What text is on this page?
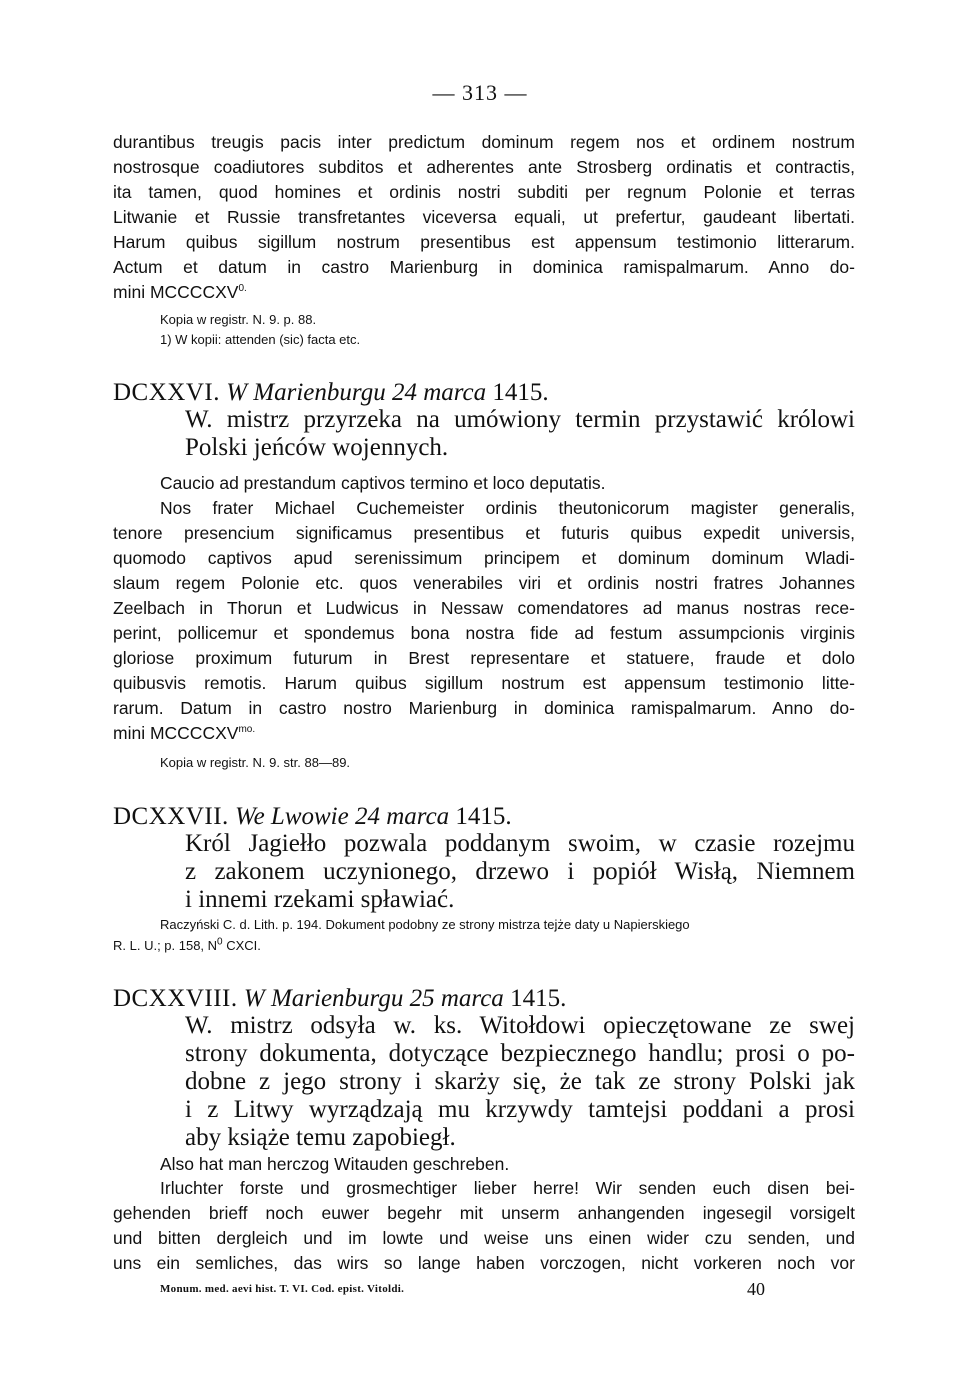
— 313 —
durantibus treugis pacis inter predictum dominum regem nos et ordinem nostrum
nostrosque coadiutores subditos et adherentes ante Strosberg ordinatis et contractis,
ita tamen, quod homines et ordinis nostri subditi per regnum Polonie et terras
Litwanie et Russie transfretantes viceversa equali, ut prefertur, gaudeant libertati.
Harum quibus sigillum nostrum presentibus est appensum testimonio litterarum.
Actum et datum in castro Marienburg in dominica ramispalmarum. Anno do-
mini $MCCCCXV^{0.}$
Kopia w registr. N. 9. p. 88.
1) W kopii: attenden (sic) facta etc.
DCXXVI. W Marienburgu 24 marca 1415.
W. mistrz przyrzeka na umówiony termin przystawić królowi
Polski jeńców wojennych.
Caucio ad prestandum captivos termino et loco deputatis.
Nos frater Michael Cuchemeister ordinis theutonicorum magister generalis,
tenore presencium significamus presentibus et futuris quibus expedit universis,
quomodo captivos apud serenissimum principem et dominum dominum Wladi-
slaum regem Polonie etc. quos venerabiles viri et ordinis nostri fratres Johannes
Zeelbach in Thorun et Ludwicus in Nessaw comendatores ad manus nostras rece-
perint, pollicemur et spondemus bona nostra fide ad festum assumpcionis virginis
gloriose proximum futurum in Brest representare et statuere, fraude et dolo
quibusvis remotis. Harum quibus sigillum nostrum est appensum testimonio litte-
rarum. Datum in castro nostro Marienburg in dominica ramispalmarum. Anno do-
mini $MCCCCXV^{mo.}$
Kopia w registr. N. 9. str. 88—89.
DCXXVII. We Lwowie 24 marca 1415.
Król Jagiełło pozwala poddanym swoim, w czasie rozejmu
z zakonem uczynionego, drzewo i popiół Wisłą, Niemnem
i innemi rzekami spławiać.
Raczyński C. d. Lith. p. 194. Dokument podobny ze strony mistrza tejże daty u Napierskiego
R. L. U.; p. 158, $N^0$ CXCI.
DCXXVIII. W Marienburgu 25 marca 1415.
W. mistrz odsyła w. ks. Witołdowi opieczętowane ze swej
strony dokumenta, dotyczące bezpiecznego handlu; prosi o po-
dobne z jego strony i skarży się, że tak ze strony Polski jak
i z Litwy wyrządzają mu krzywdy tamtejsi poddani a prosi
aby książe temu zapobiegł.
Also hat man herczog Witauden geschreben.
Irluchter forste und grosmechtiger lieber herre! Wir senden euch disen bei-
gehenden brieff noch euwer begehr mit unserm anhangenden ingesegil vorsigelt
und bitten dergleich und im lowte und weise uns einen wider czu senden, und
uns ein semliches, das wirs so lange haben vorczogen, nicht vorkeren noch vor
Monum. med. aevi hist. T. VI. Cod. epist. Vitoldi.	40
